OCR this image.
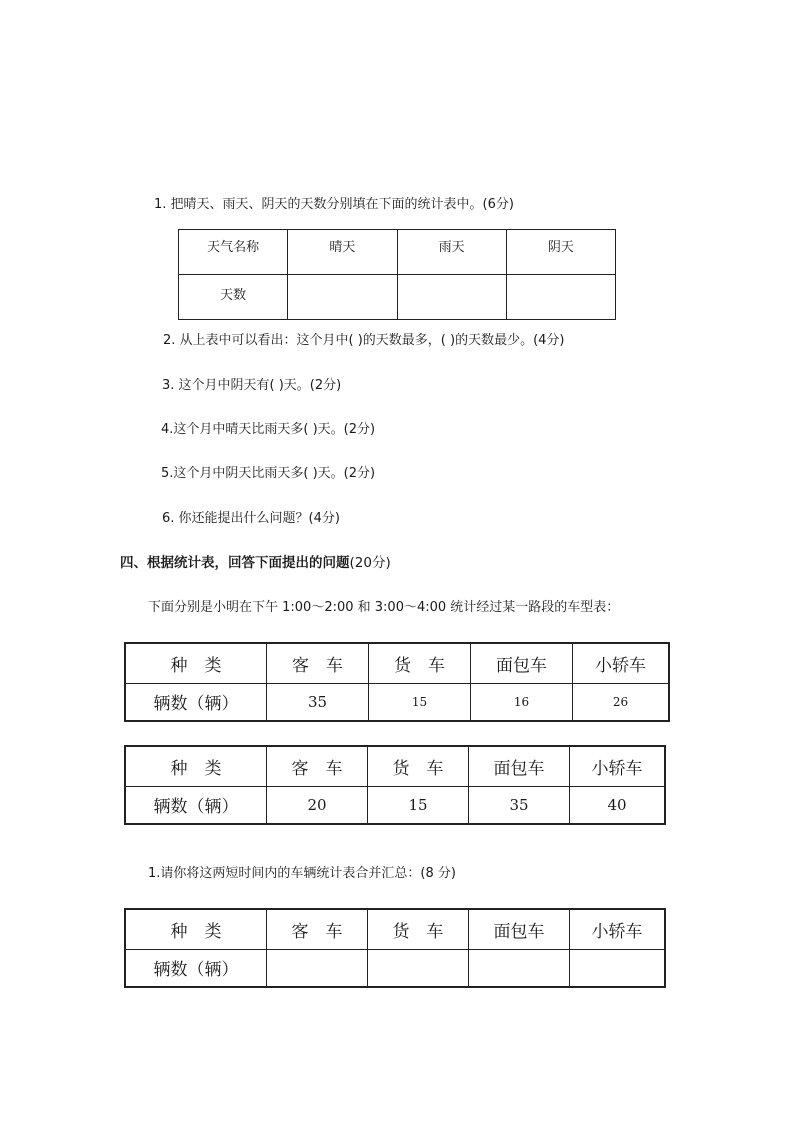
1. 把晴天、雨天、阴天的天数分别填在下面的统计表中。(6分)
天气名称	晴天	雨天	阴天
天数			
2. 从上表中可以看出：这个月中( )的天数最多，( )的天数最少。(4分)
3. 这个月中阴天有( )天。(2分)
4.这个月中晴天比雨天多( )天。(2分)
5.这个月中阴天比雨天多( )天。(2分)
6. 你还能提出什么问题？(4分)
四、根据统计表，回答下面提出的问题(20分)
下面分别是小明在下午 1:00～2:00 和 3:00～4:00 统计经过某一路段的车型表：
种　类	客　车	货　车	面包车	小轿车
辆数（辆）	35	15	16	26
种　类	客　车	货　车	面包车	小轿车
辆数（辆）	20	15	35	40
1.请你将这两短时间内的车辆统计表合并汇总：(8 分)
种　类	客　车	货　车	面包车	小轿车
辆数（辆）				
